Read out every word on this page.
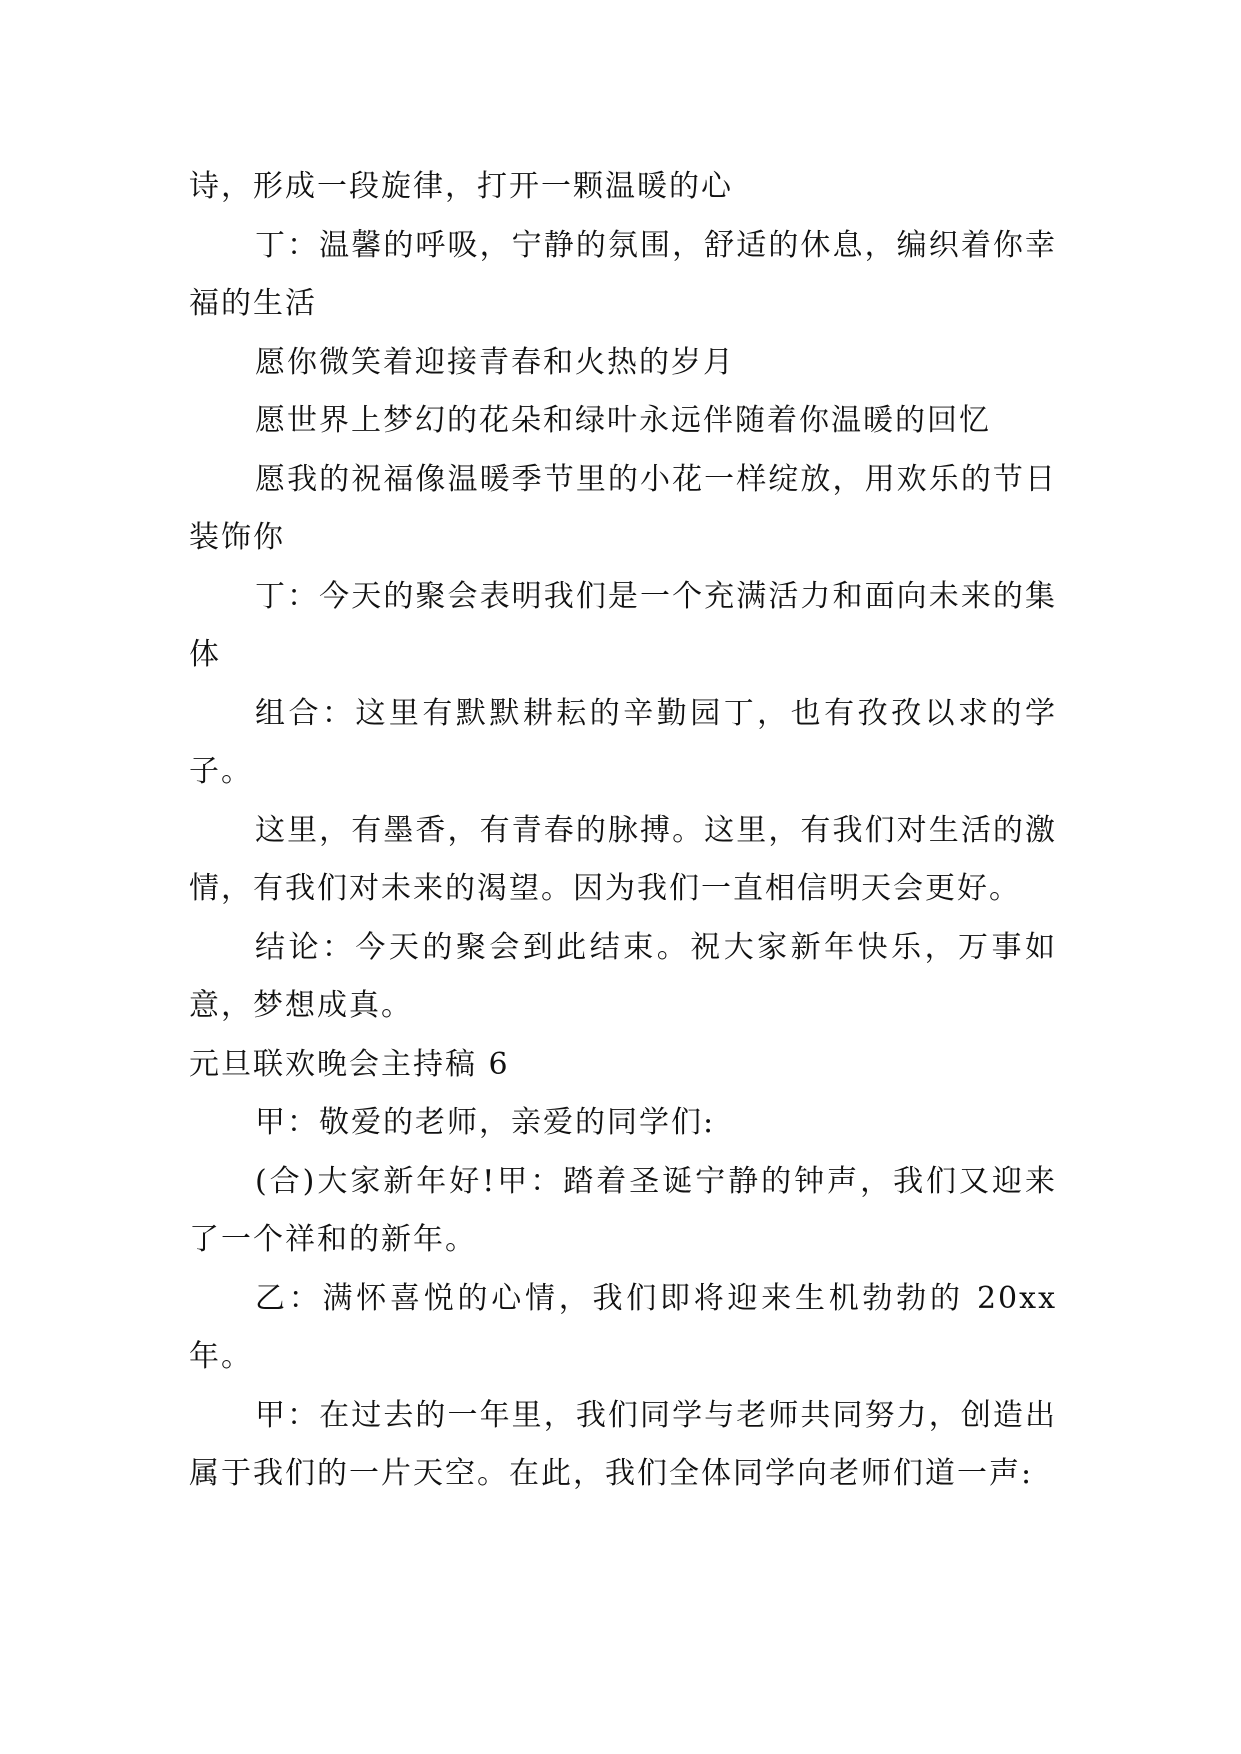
诗，形成一段旋律，打开一颗温暖的心

丁：温馨的呼吸，宁静的氛围，舒适的休息，编织着你幸福的生活

愿你微笑着迎接青春和火热的岁月

愿世界上梦幻的花朵和绿叶永远伴随着你温暖的回忆

愿我的祝福像温暖季节里的小花一样绽放，用欢乐的节日装饰你

丁：今天的聚会表明我们是一个充满活力和面向未来的集体

组合：这里有默默耕耘的辛勤园丁，也有孜孜以求的学子。

这里，有墨香，有青春的脉搏。这里，有我们对生活的激情，有我们对未来的渴望。因为我们一直相信明天会更好。

结论：今天的聚会到此结束。祝大家新年快乐，万事如意，梦想成真。

元旦联欢晚会主持稿 6

甲：敬爱的老师，亲爱的同学们:

(合)大家新年好!甲：踏着圣诞宁静的钟声，我们又迎来了一个祥和的新年。

乙：满怀喜悦的心情，我们即将迎来生机勃勃的 20xx 年。

甲：在过去的一年里，我们同学与老师共同努力，创造出属于我们的一片天空。在此，我们全体同学向老师们道一声:
